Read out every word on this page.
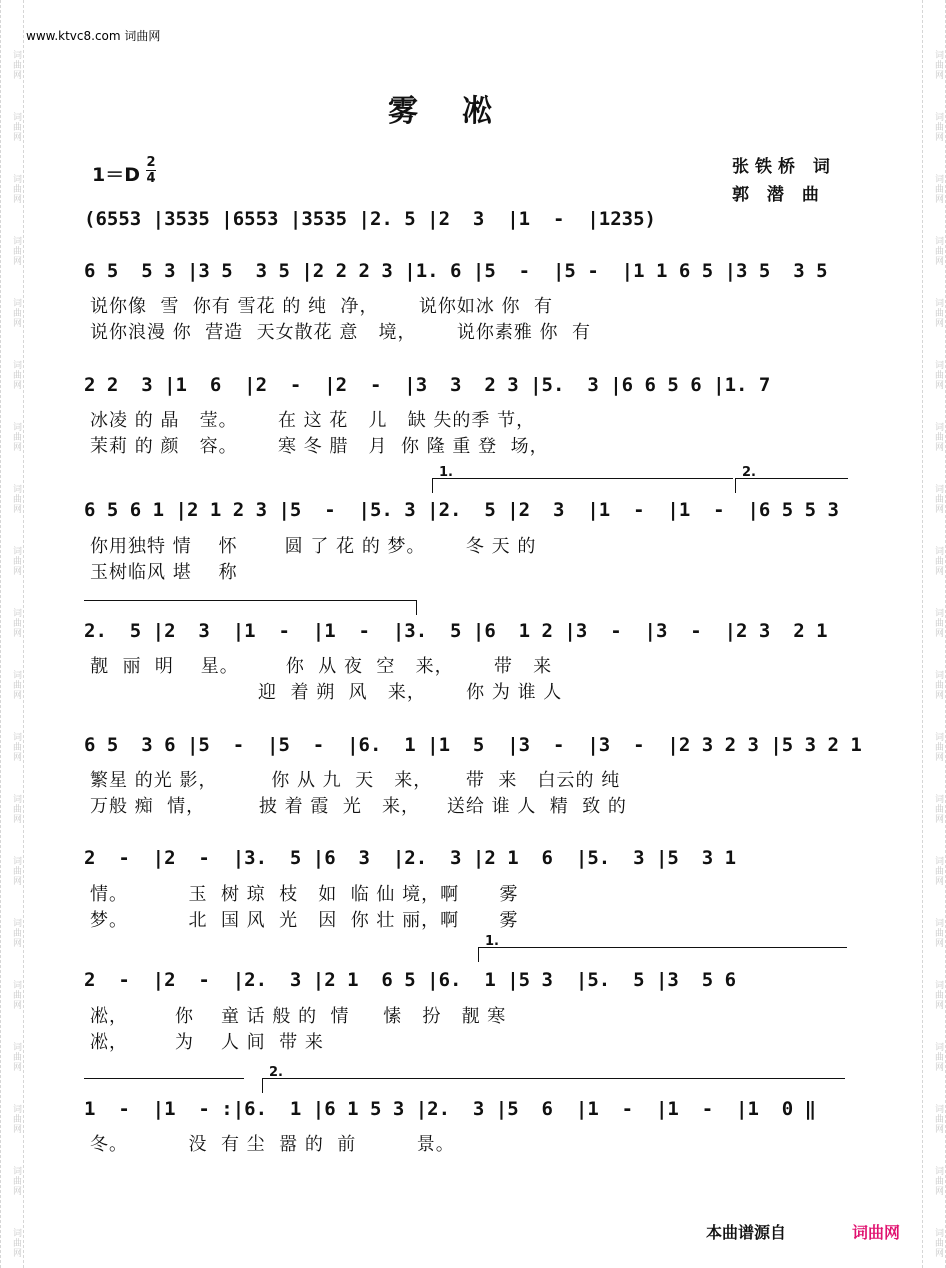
词曲网
词曲网
词曲网
词曲网
词曲网
词曲网
词曲网
词曲网
词曲网
词曲网
词曲网
词曲网
词曲网
词曲网
词曲网
词曲网
词曲网
词曲网
词曲网
词曲网
词曲网
词曲网
词曲网
词曲网
词曲网
词曲网
词曲网
词曲网
词曲网
词曲网
词曲网
词曲网
词曲网
词曲网
词曲网
词曲网
词曲网
词曲网
词曲网
词曲网
www.ktvc8.com 词曲网
雾凇
1＝D
2
4
张铁桥 词
郭 潜 曲
(6553 |3535 |6553 |3535 |2. 5 |2  3  |1  -  |1235)
6 5  5 3 |3 5  3 5 |2 2 2 3 |1. 6 |5  -  |5 -  |1 1 6 5 |3 5  3 5
说你像  雪  你有 雪花 的 纯  净，      说你如冰 你  有
说你浪漫 你  营造  天女散花 意   境，      说你素雅 你  有
2 2  3 |1  6  |2  -  |2  -  |3  3  2 3 |5.  3 |6 6 5 6 |1. 7
冰凌 的 晶   莹。      在 这 花   儿   缺 失的季 节，
茉莉 的 颜   容。      寒 冬 腊   月  你 隆 重 登  场，
1.	2.
6 5 6 1 |2 1 2 3 |5  -  |5. 3 |2.  5 |2  3  |1  -  |1  -  |6 5 5 3
你用独特 情    怀       圆 了 花 的 梦。      冬 天 的
玉树临风 堪    称
2.  5 |2  3  |1  -  |1  -  |3.  5 |6  1 2 |3  -  |3  -  |2 3  2 1
靓  丽  明    星。       你  从 夜  空   来，      带   来
迎  着 朔  风   来，      你 为 谁 人
6 5  3 6 |5  -  |5  -  |6.  1 |1  5  |3  -  |3  -  |2 3 2 3 |5 3 2 1
繁星 的光 影，        你 从 九  天   来，     带  来   白云的 纯
万般 痴  情，        披 着 霞  光   来，    送给 谁 人  精  致 的
2  -  |2  -  |3.  5 |6  3  |2.  3 |2 1  6  |5.  3 |5  3 1
情。         玉  树 琼  枝   如  临 仙 境，啊      雾
梦。         北  国 风  光   因  你 壮 丽，啊      雾
1.
2  -  |2  -  |2.  3 |2 1  6 5 |6.  1 |5 3  |5.  5 |3  5 6
凇，       你    童 话 般 的  情     愫   扮   靓 寒
凇，       为    人 间  带 来
2.
1  -  |1  - :|6.  1 |6 1 5 3 |2.  3 |5  6  |1  -  |1  -  |1  0 ‖
冬。         没  有 尘  嚣 的  前         景。
本曲谱源自	词曲网
